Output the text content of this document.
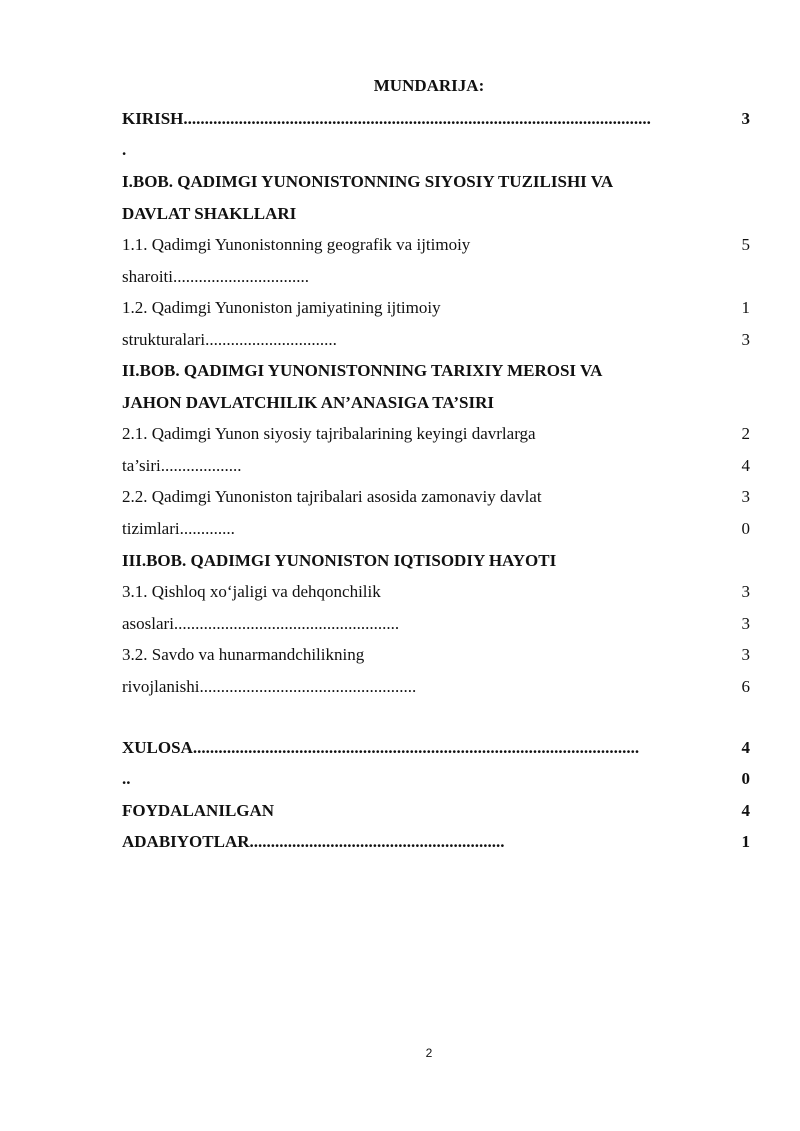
MUNDARIJA:
KIRISH..............................................................................................................	3
.
I.BOB. QADIMGI YUNONISTONNING SIYOSIY TUZILISHI VA
DAVLAT SHAKLLARI
1.1. Qadimgi Yunonistonning geografik va ijtimoiy	5
sharoiti................................
1.2. Qadimgi Yunoniston jamiyatining ijtimoiy	1
strukturalari...............................	3
II.BOB. QADIMGI YUNONISTONNING TARIXIY MEROSI VA
JAHON DAVLATCHILIK AN’ANASIGA TA’SIRI
2.1. Qadimgi Yunon siyosiy tajribalarining keyingi davrlarga	2
ta’siri...................	4
2.2. Qadimgi Yunoniston tajribalari asosida zamonaviy davlat	3
tizimlari.............	0
III.BOB. QADIMGI YUNONISTON IQTISODIY HAYOTI
3.1. Qishloq xo‘jaligi va dehqonchilik	3
asoslari.....................................................	3
3.2. Savdo va hunarmandchilikning	3
rivojlanishi...................................................	6
XULOSA.........................................................................................................	4
..	0
FOYDALANILGAN	4
ADABIYOTLAR............................................................	1
2
